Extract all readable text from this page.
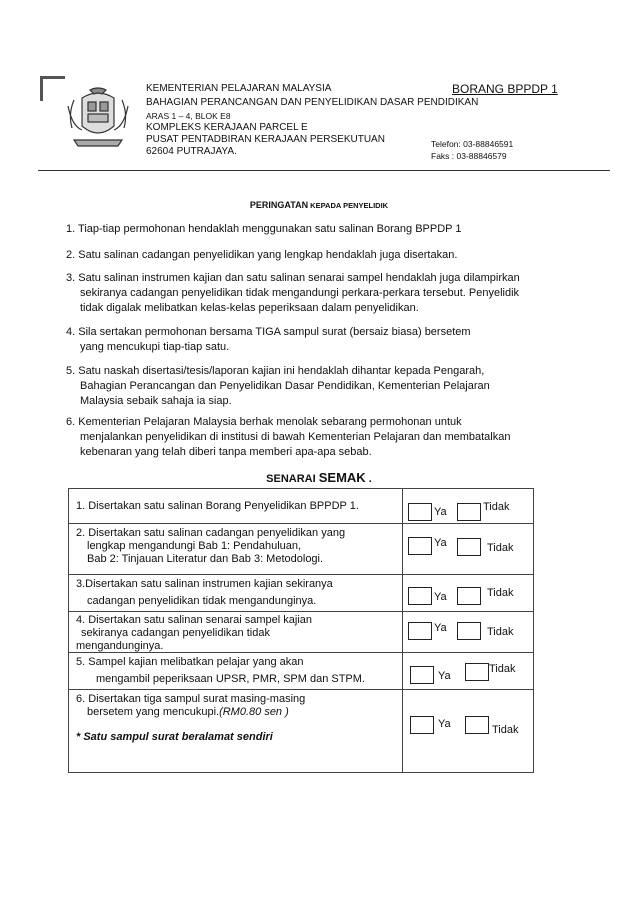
KEMENTERIAN PELAJARAN MALAYSIA
BAHAGIAN PERANCANGAN DAN PENYELIDIKAN DASAR PENDIDIKAN
ARAS 1 – 4, BLOK E8
KOMPLEKS KERAJAAN PARCEL E
PUSAT PENTADBIRAN KERAJAAN PERSEKUTUAN
62604 PUTRAJAYA.
BORANG BPPDP 1
Telefon: 03-88846591
Faks : 03-88846579
PERINGATAN KEPADA PENYELIDIK
1. Tiap-tiap permohonan hendaklah menggunakan satu salinan Borang BPPDP 1
2. Satu salinan cadangan penyelidikan yang lengkap hendaklah juga disertakan.
3. Satu salinan instrumen kajian dan satu salinan senarai sampel hendaklah juga dilampirkan
sekiranya cadangan penyelidikan tidak mengandungi perkara-perkara tersebut. Penyelidik
tidak digalak melibatkan kelas-kelas peperiksaan dalam penyelidikan.
4. Sila sertakan permohonan bersama TIGA sampul surat (bersaiz biasa) bersetem
yang mencukupi tiap-tiap satu.
5. Satu naskah disertasi/tesis/laporan kajian ini hendaklah dihantar kepada Pengarah,
Bahagian Perancangan dan Penyelidikan Dasar Pendidikan, Kementerian Pelajaran
Malaysia sebaik sahaja ia siap.
6. Kementerian Pelajaran Malaysia berhak menolak sebarang permohonan untuk
menjalankan penyelidikan di institusi di bawah Kementerian Pelajaran dan membatalkan
kebenaran yang telah diberi tanpa memberi apa-apa sebab.
SENARAI SEMAK .
1. Disertakan satu salinan Borang Penyelidikan BPPDP 1.	Ya	Tidak
2. Disertakan satu salinan cadangan penyelidikan yang
lengkap mengandungi Bab 1: Pendahuluan,
Bab 2: Tinjauan Literatur dan Bab 3: Metodologi.
Ya	Tidak
3.Disertakan satu salinan instrumen kajian sekiranya
cadangan penyelidikan tidak mengandunginya.	Ya	Tidak
4. Disertakan satu salinan senarai sampel kajian
sekiranya cadangan penyelidikan tidak
mengandunginya.
Ya	Tidak
5. Sampel kajian melibatkan pelajar yang akan
mengambil peperiksaan UPSR, PMR, SPM dan STPM.	Ya
Tidak
6. Disertakan tiga sampul surat masing-masing
bersetem yang mencukupi.(RM0.80 sen )
* Satu sampul surat beralamat sendiri
Ya	Tidak
